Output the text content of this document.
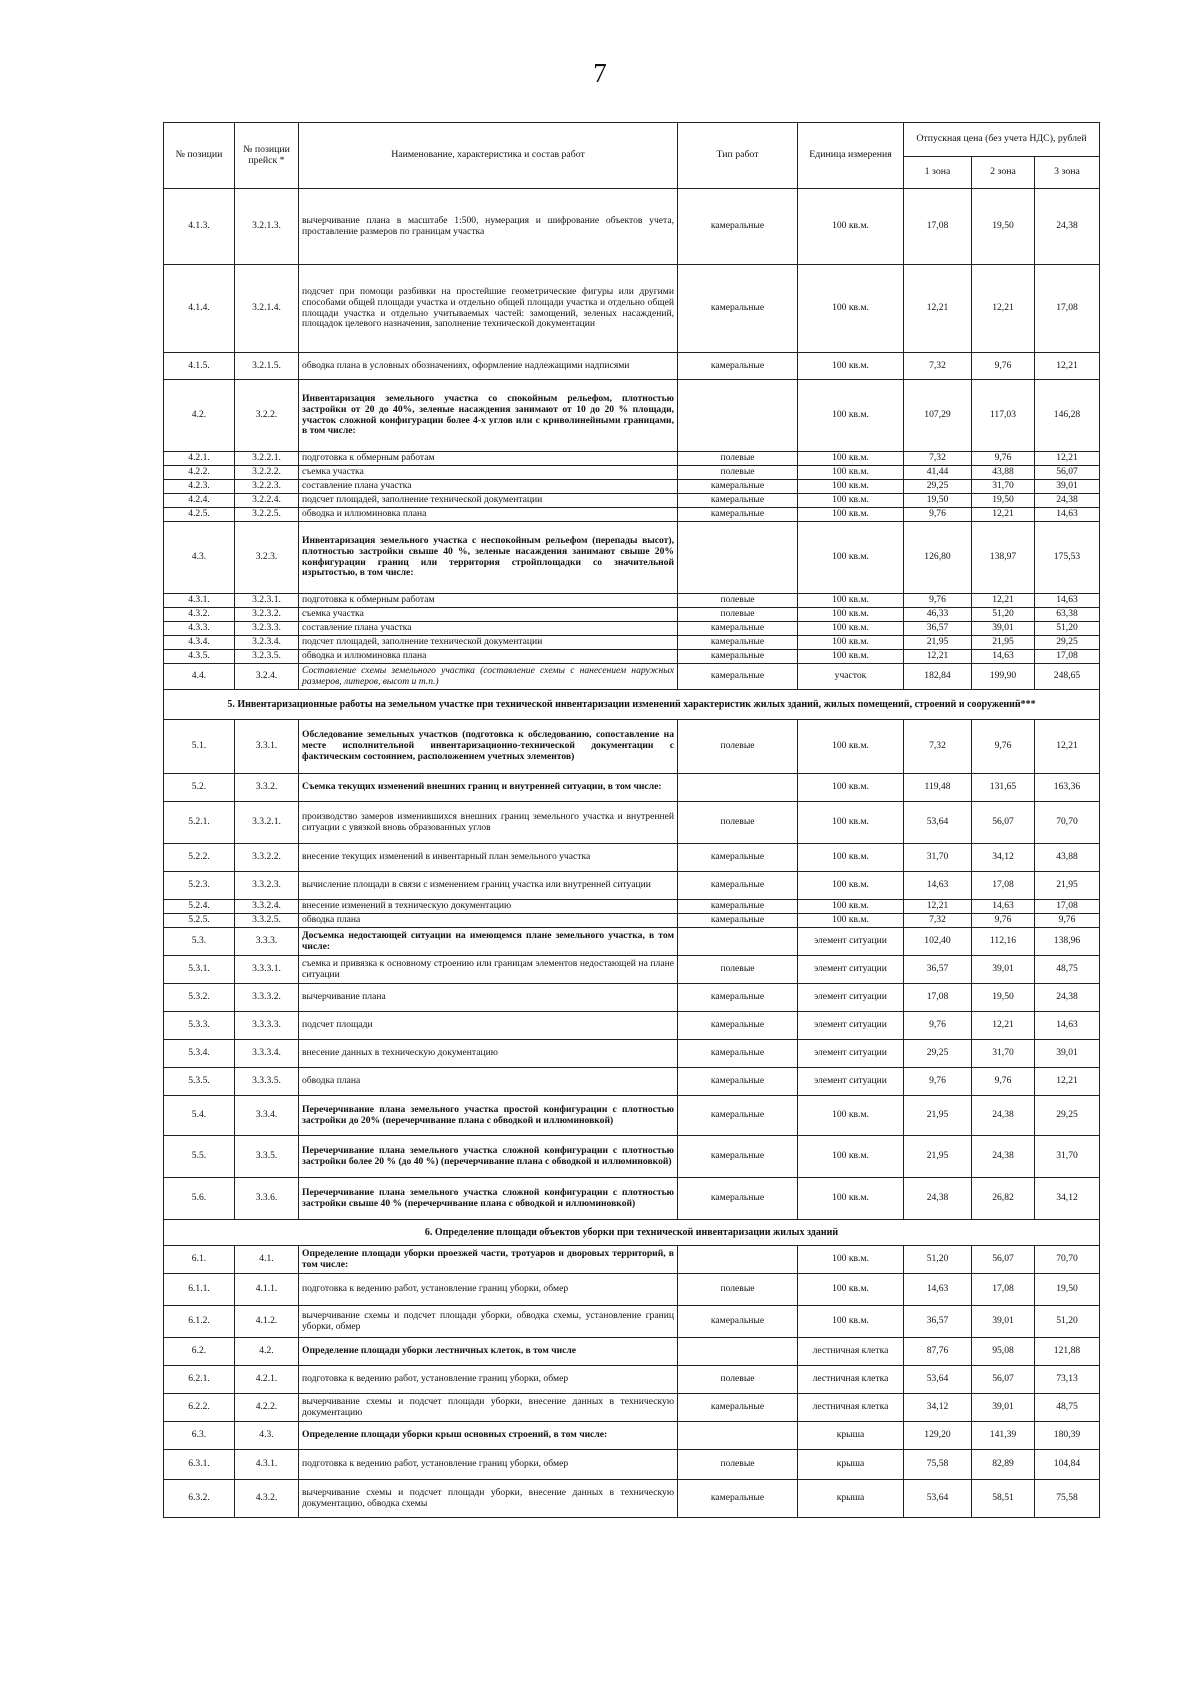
7
№ позиции	№ позиции прейск *	Наименование, характеристика и состав работ	Тип работ	Единица измерения	Отпускная цена (без учета НДС), рублей		
					1 зона	2 зона	3 зона
4.1.3.	3.2.1.3.	вычерчивание плана в масштабе 1:500, нумерация и шифрование объектов учета, проставление размеров по границам участка	камеральные	100 кв.м.	17,08	19,50	24,38
4.1.4.	3.2.1.4.	подсчет при помощи разбивки на простейшие геометрические фигуры или другими способами общей площади участка и отдельно общей площади участка и отдельно общей площади участка и отдельно учитываемых частей: замощений, зеленых насаждений, площадок целевого назначения, заполнение технической документации	камеральные	100 кв.м.	12,21	12,21	17,08
4.1.5.	3.2.1.5.	обводка плана в условных обозначениях, оформление надлежащими надписями	камеральные	100 кв.м.	7,32	9,76	12,21
4.2.	3.2.2.	Инвентаризация земельного участка со спокойным рельефом, плотностью застройки от 20 до 40%, зеленые насаждения занимают от 10 до 20 % площади, участок сложной конфигурации более 4-х углов или с криволинейными границами, в том числе:		100 кв.м.	107,29	117,03	146,28
4.2.1.	3.2.2.1.	подготовка к обмерным работам	полевые	100 кв.м.	7,32	9,76	12,21
4.2.2.	3.2.2.2.	съемка участка	полевые	100 кв.м.	41,44	43,88	56,07
4.2.3.	3.2.2.3.	составление плана участка	камеральные	100 кв.м.	29,25	31,70	39,01
4.2.4.	3.2.2.4.	подсчет площадей, заполнение технической документации	камеральные	100 кв.м.	19,50	19,50	24,38
4.2.5.	3.2.2.5.	обводка и иллюминовка плана	камеральные	100 кв.м.	9,76	12,21	14,63
4.3.	3.2.3.	Инвентаризация земельного участка с неспокойным рельефом (перепады высот), плотностью застройки свыше 40 %, зеленые насаждения занимают свыше 20% конфигурации границ или территория стройплощадки со значительной изрытостью, в том числе:		100 кв.м.	126,80	138,97	175,53
4.3.1.	3.2.3.1.	подготовка к обмерным работам	полевые	100 кв.м.	9,76	12,21	14,63
4.3.2.	3.2.3.2.	съемка участка	полевые	100 кв.м.	46,33	51,20	63,38
4.3.3.	3.2.3.3.	составление плана участка	камеральные	100 кв.м.	36,57	39,01	51,20
4.3.4.	3.2.3.4.	подсчет площадей, заполнение технической документации	камеральные	100 кв.м.	21,95	21,95	29,25
4.3.5.	3.2.3.5.	обводка и иллюминовка плана	камеральные	100 кв.м.	12,21	14,63	17,08
4.4.	3.2.4.	Составление схемы земельного участка (составление схемы с нанесением наружных размеров, литеров, высот и т.п.)	камеральные	участок	182,84	199,90	248,65
5. Инвентаризационные работы на земельном участке при технической инвентаризации изменений характеристик жилых зданий, жилых помещений, строений и сооружений***							
5.1.	3.3.1.	Обследование земельных участков (подготовка к обследованию, сопоставление на месте исполнительной инвентаризационно-технической документации с фактическим состоянием, расположением учетных элементов)	полевые	100 кв.м.	7,32	9,76	12,21
5.2.	3.3.2.	Съемка текущих изменений внешних границ и внутренней ситуации, в том числе:		100 кв.м.	119,48	131,65	163,36
5.2.1.	3.3.2.1.	производство замеров изменившихся внешних границ земельного участка и внутренней ситуации с увязкой вновь образованных углов	полевые	100 кв.м.	53,64	56,07	70,70
5.2.2.	3.3.2.2.	внесение текущих изменений в инвентарный план земельного участка	камеральные	100 кв.м.	31,70	34,12	43,88
5.2.3.	3.3.2.3.	вычисление площади в связи с изменением границ участка или внутренней ситуации	камеральные	100 кв.м.	14,63	17,08	21,95
5.2.4.	3.3.2.4.	внесение изменений в техническую документацию	камеральные	100 кв.м.	12,21	14,63	17,08
5.2.5.	3.3.2.5.	обводка плана	камеральные	100 кв.м.	7,32	9,76	9,76
5.3.	3.3.3.	Досъемка недостающей ситуации на имеющемся плане земельного участка, в том числе:		элемент ситуации	102,40	112,16	138,96
5.3.1.	3.3.3.1.	съемка и привязка к основному строению или границам элементов недостающей на плане ситуации	полевые	элемент ситуации	36,57	39,01	48,75
5.3.2.	3.3.3.2.	вычерчивание плана	камеральные	элемент ситуации	17,08	19,50	24,38
5.3.3.	3.3.3.3.	подсчет площади	камеральные	элемент ситуации	9,76	12,21	14,63
5.3.4.	3.3.3.4.	внесение данных в техническую документацию	камеральные	элемент ситуации	29,25	31,70	39,01
5.3.5.	3.3.3.5.	обводка плана	камеральные	элемент ситуации	9,76	9,76	12,21
5.4.	3.3.4.	Перечерчивание плана земельного участка простой конфигурации с плотностью застройки до 20% (перечерчивание плана с обводкой и иллюминовкой)	камеральные	100 кв.м.	21,95	24,38	29,25
5.5.	3.3.5.	Перечерчивание плана земельного участка сложной конфигурации с плотностью застройки более 20 % (до 40 %) (перечерчивание плана с обводкой и иллюминовкой)	камеральные	100 кв.м.	21,95	24,38	31,70
5.6.	3.3.6.	Перечерчивание плана земельного участка сложной конфигурации с плотностью застройки свыше 40 % (перечерчивание плана с обводкой и иллюминовкой)	камеральные	100 кв.м.	24,38	26,82	34,12
6. Определение площади объектов уборки при технической инвентаризации жилых зданий							
6.1.	4.1.	Определение площади уборки проезжей части, тротуаров и дворовых территорий, в том числе:		100 кв.м.	51,20	56,07	70,70
6.1.1.	4.1.1.	подготовка к ведению работ, установление границ уборки, обмер	полевые	100 кв.м.	14,63	17,08	19,50
6.1.2.	4.1.2.	вычерчивание схемы и подсчет площади уборки, обводка схемы, установление границ уборки, обмер	камеральные	100 кв.м.	36,57	39,01	51,20
6.2.	4.2.	Определение площади уборки лестничных клеток, в том числе		лестничная клетка	87,76	95,08	121,88
6.2.1.	4.2.1.	подготовка к ведению работ, установление границ уборки, обмер	полевые	лестничная клетка	53,64	56,07	73,13
6.2.2.	4.2.2.	вычерчивание схемы и подсчет площади уборки, внесение данных в техническую документацию	камеральные	лестничная клетка	34,12	39,01	48,75
6.3.	4.3.	Определение площади уборки крыш основных строений, в том числе:		крыша	129,20	141,39	180,39
6.3.1.	4.3.1.	подготовка к ведению работ, установление границ уборки, обмер	полевые	крыша	75,58	82,89	104,84
6.3.2.	4.3.2.	вычерчивание схемы и подсчет площади уборки, внесение данных в техническую документацию, обводка схемы	камеральные	крыша	53,64	58,51	75,58
